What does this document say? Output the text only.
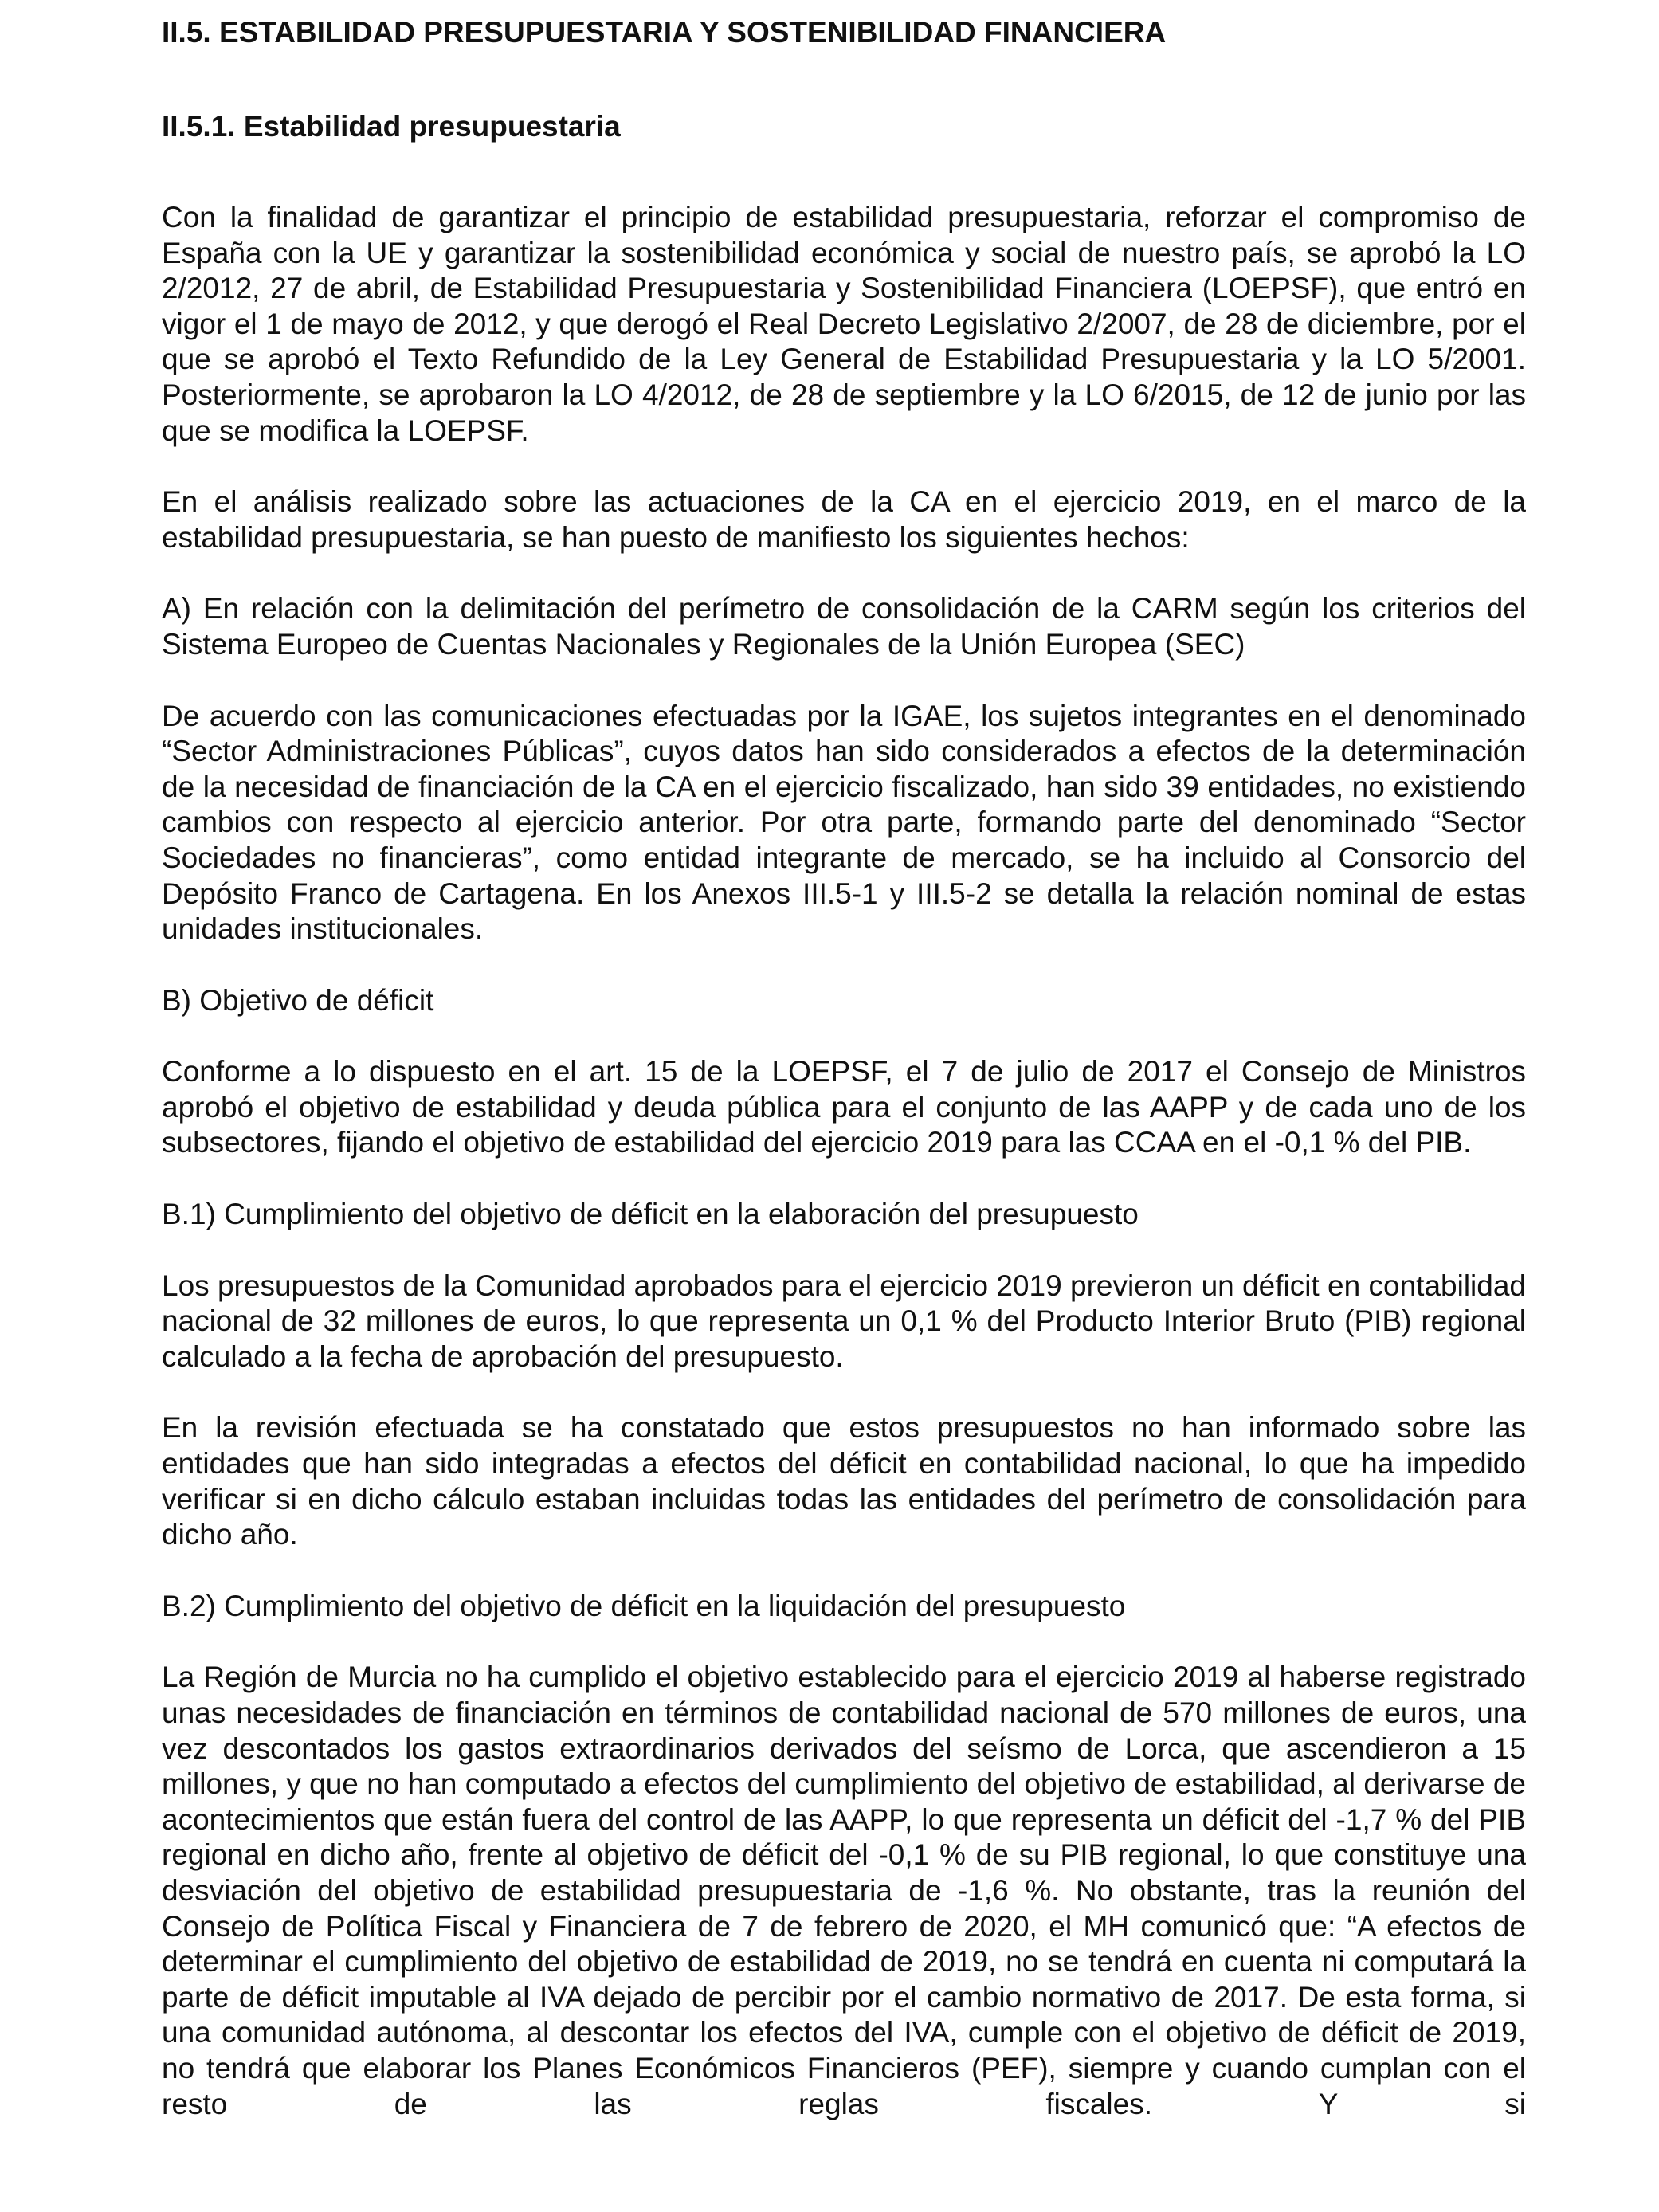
II.5. ESTABILIDAD PRESUPUESTARIA Y SOSTENIBILIDAD FINANCIERA
II.5.1. Estabilidad presupuestaria

Con la finalidad de garantizar el principio de estabilidad presupuestaria, reforzar el compromiso de España con la UE y garantizar la sostenibilidad económica y social de nuestro país, se aprobó la LO 2/2012, 27 de abril, de Estabilidad Presupuestaria y Sostenibilidad Financiera (LOEPSF), que entró en vigor el 1 de mayo de 2012, y que derogó el Real Decreto Legislativo 2/2007, de 28 de diciembre, por el que se aprobó el Texto Refundido de la Ley General de Estabilidad Presupuestaria y la LO 5/2001. Posteriormente, se aprobaron la LO 4/2012, de 28 de septiembre y la LO 6/2015, de 12 de junio por las que se modifica la LOEPSF.

En el análisis realizado sobre las actuaciones de la CA en el ejercicio 2019, en el marco de la estabilidad presupuestaria, se han puesto de manifiesto los siguientes hechos:

A) En relación con la delimitación del perímetro de consolidación de la CARM según los criterios del Sistema Europeo de Cuentas Nacionales y Regionales de la Unión Europea (SEC)

De acuerdo con las comunicaciones efectuadas por la IGAE, los sujetos integrantes en el denominado “Sector Administraciones Públicas”, cuyos datos han sido considerados a efectos de la determinación de la necesidad de financiación de la CA en el ejercicio fiscalizado, han sido 39 entidades, no existiendo cambios con respecto al ejercicio anterior. Por otra parte, formando parte del denominado “Sector Sociedades no financieras”, como entidad integrante de mercado, se ha incluido al Consorcio del Depósito Franco de Cartagena. En los Anexos III.5-1 y III.5-2 se detalla la relación nominal de estas unidades institucionales.

B) Objetivo de déficit

Conforme a lo dispuesto en el art. 15 de la LOEPSF, el 7 de julio de 2017 el Consejo de Ministros aprobó el objetivo de estabilidad y deuda pública para el conjunto de las AAPP y de cada uno de los subsectores, fijando el objetivo de estabilidad del ejercicio 2019 para las CCAA en el -0,1 % del PIB.

B.1) Cumplimiento del objetivo de déficit en la elaboración del presupuesto

Los presupuestos de la Comunidad aprobados para el ejercicio 2019 previeron un déficit en contabilidad nacional de 32 millones de euros, lo que representa un 0,1 % del Producto Interior Bruto (PIB) regional calculado a la fecha de aprobación del presupuesto.

En la revisión efectuada se ha constatado que estos presupuestos no han informado sobre las entidades que han sido integradas a efectos del déficit en contabilidad nacional, lo que ha impedido verificar si en dicho cálculo estaban incluidas todas las entidades del perímetro de consolidación para dicho año.

B.2) Cumplimiento del objetivo de déficit en la liquidación del presupuesto

La Región de Murcia no ha cumplido el objetivo establecido para el ejercicio 2019 al haberse registrado unas necesidades de financiación en términos de contabilidad nacional de 570 millones de euros, una vez descontados los gastos extraordinarios derivados del seísmo de Lorca, que ascendieron a 15 millones, y que no han computado a efectos del cumplimiento del objetivo de estabilidad, al derivarse de acontecimientos que están fuera del control de las AAPP, lo que representa un déficit del -1,7 % del PIB regional en dicho año, frente al objetivo de déficit del -0,1 % de su PIB regional, lo que constituye una desviación del objetivo de estabilidad presupuestaria de -1,6 %. No obstante, tras la reunión del Consejo de Política Fiscal y Financiera de 7 de febrero de 2020, el MH comunicó que: “A efectos de determinar el cumplimiento del objetivo de estabilidad de 2019, no se tendrá en cuenta ni computará la parte de déficit imputable al IVA dejado de percibir por el cambio normativo de 2017. De esta forma, si una comunidad autónoma, al descontar los efectos del IVA, cumple con el objetivo de déficit de 2019, no tendrá que elaborar los Planes Económicos Financieros (PEF), siempre y cuando cumplan con el resto de las reglas fiscales. Y si
